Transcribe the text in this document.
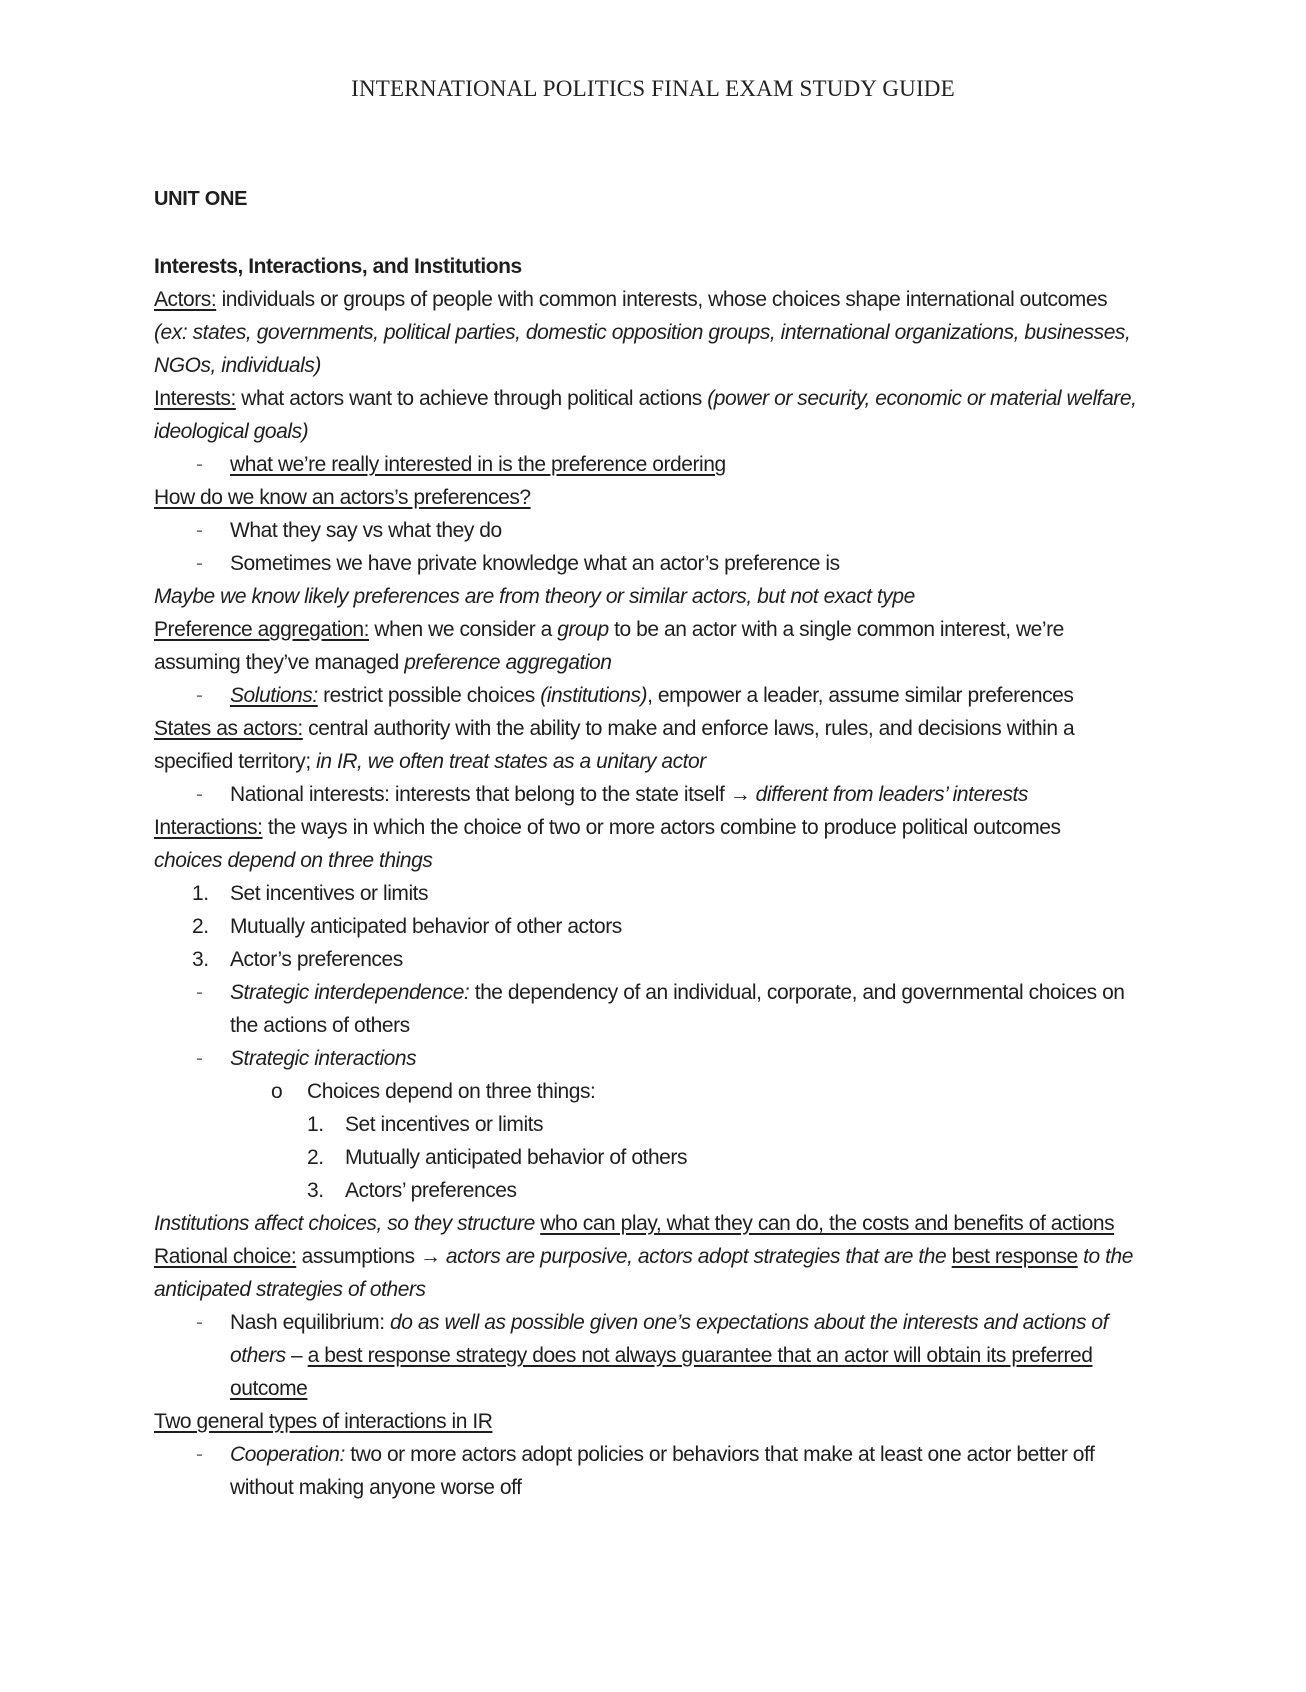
INTERNATIONAL POLITICS FINAL EXAM STUDY GUIDE
UNIT ONE

Interests, Interactions, and Institutions

Actors: individuals or groups of people with common interests, whose choices shape international outcomes (ex: states, governments, political parties, domestic opposition groups, international organizations, businesses, NGOs, individuals)

Interests: what actors want to achieve through political actions (power or security, economic or material welfare, ideological goals)

- what we’re really interested in is the preference ordering

How do we know an actors’s preferences?

- What they say vs what they do

- Sometimes we have private knowledge what an actor’s preference is

Maybe we know likely preferences are from theory or similar actors, but not exact type

Preference aggregation: when we consider a group to be an actor with a single common interest, we’re assuming they’ve managed preference aggregation

- Solutions: restrict possible choices (institutions), empower a leader, assume similar preferences

States as actors: central authority with the ability to make and enforce laws, rules, and decisions within a specified territory; in IR, we often treat states as a unitary actor

- National interests: interests that belong to the state itself → different from leaders’ interests

Interactions: the ways in which the choice of two or more actors combine to produce political outcomes

choices depend on three things

1. Set incentives or limits

2. Mutually anticipated behavior of other actors

3. Actor’s preferences

- Strategic interdependence: the dependency of an individual, corporate, and governmental choices on the actions of others

- Strategic interactions

o Choices depend on three things:

1. Set incentives or limits

2. Mutually anticipated behavior of others

3. Actors’ preferences

Institutions affect choices, so they structure who can play, what they can do, the costs and benefits of actions

Rational choice: assumptions → actors are purposive, actors adopt strategies that are the best response to the anticipated strategies of others

- Nash equilibrium: do as well as possible given one’s expectations about the interests and actions of others – a best response strategy does not always guarantee that an actor will obtain its preferred outcome

Two general types of interactions in IR

- Cooperation: two or more actors adopt policies or behaviors that make at least one actor better off without making anyone worse off
